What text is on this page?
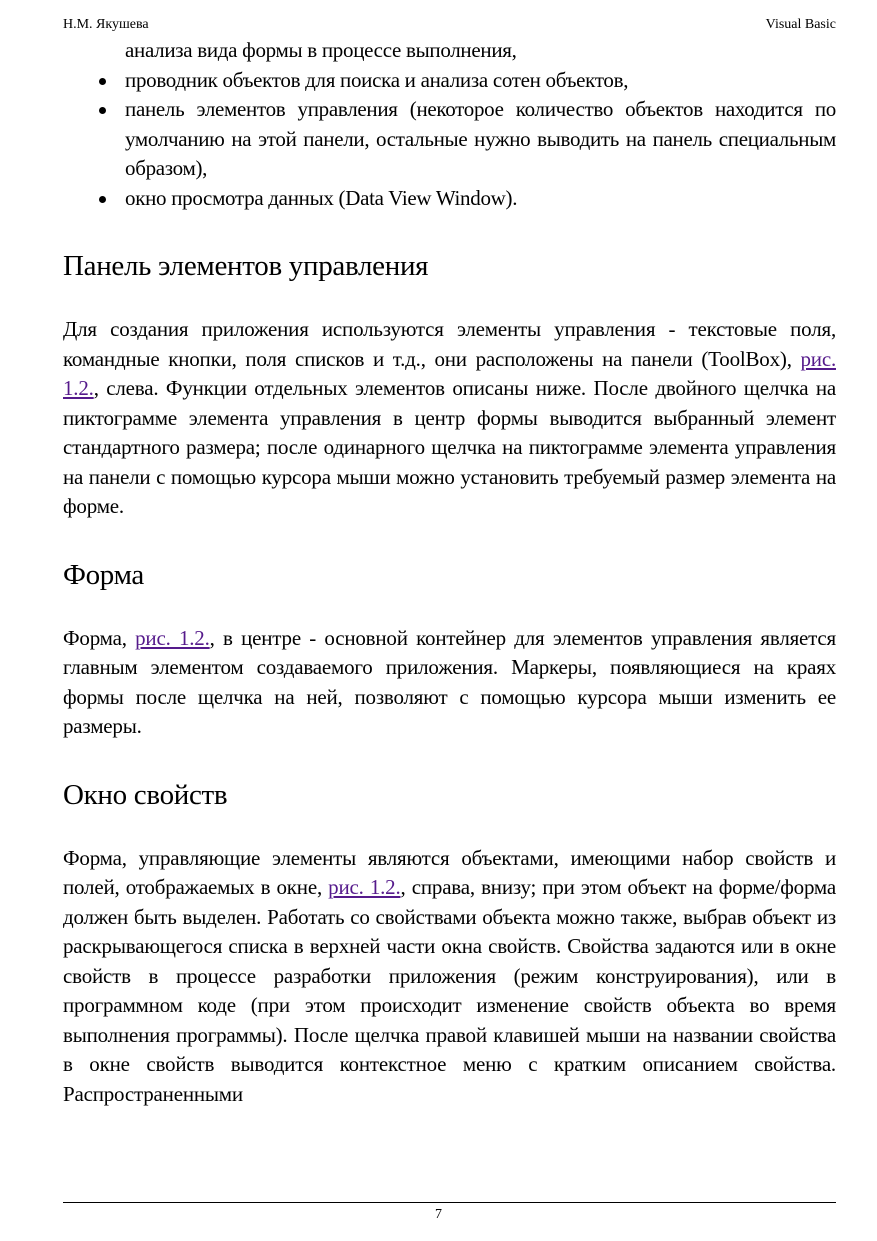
Н.М. Якушева	Visual Basic
анализа вида формы в процессе выполнения,
проводник объектов для поиска и анализа сотен объектов,
панель элементов управления (некоторое количество объектов находится по умолчанию на этой панели, остальные нужно выводить на панель специальным образом),
окно просмотра данных (Data View Window).
Панель элементов управления

Для создания приложения используются элементы управления - текстовые поля, командные кнопки, поля списков и т.д., они расположены на панели (ToolBox), рис. 1.2., слева. Функции отдельных элементов описаны ниже. После двойного щелчка на пиктограмме элемента управления в центр формы выводится выбранный элемент стандартного размера; после одинарного щелчка на пиктограмме элемента управления на панели с помощью курсора мыши можно установить требуемый размер элемента на форме.

Форма

Форма, рис. 1.2., в центре - основной контейнер для элементов управления является главным элементом создаваемого приложения. Маркеры, появляющиеся на краях формы после щелчка на ней, позволяют с помощью курсора мыши изменить ее размеры.

Окно свойств

Форма, управляющие элементы являются объектами, имеющими набор свойств и полей, отображаемых в окне, рис. 1.2., справа, внизу; при этом объект на форме/форма должен быть выделен. Работать со свойствами объекта можно также, выбрав объект из раскрывающегося списка в верхней части окна свойств. Свойства задаются или в окне свойств в процессе разработки приложения (режим конструирования), или в программном коде (при этом происходит изменение свойств объекта во время выполнения программы). После щелчка правой клавишей мыши на названии свойства в окне свойств выводится контекстное меню с кратким описанием свойства. Распространенными

7
